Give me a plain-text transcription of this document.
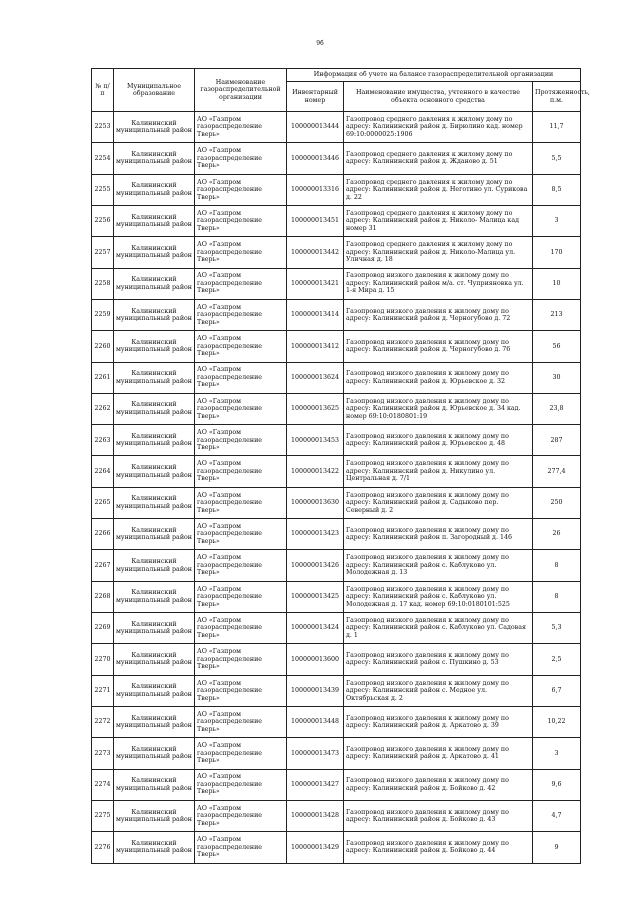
9б
№ п/п	Муниципальное образование	Наименование газораспределительной организации	Информация об учете на балансе газораспределительной организации		
			Инвентарный номер	Наименование имущества, учтенного в качестве объекта основного средства	Протяженность, п.м.
2253	Калининский муниципальный район	АО «Газпром газораспределение Тверь»	100000013444	Газопровод среднего давления к жилому дому по адресу: Калининский район д. Бирюлино кад. номер 69:10:0000025:1906	11,7
2254	Калининский муниципальный район	АО «Газпром газораспределение Тверь»	100000013446	Газопровод среднего давления к жилому дому по адресу: Калининский район д. Жданово д. 51	5,5
2255	Калининский муниципальный район	АО «Газпром газораспределение Тверь»	100000013316	Газопровод среднего давления к жилому дому по адресу: Калининский район д. Неготино ул. Сурикова д. 22	8,5
2256	Калининский муниципальный район	АО «Газпром газораспределение Тверь»	100000013451	Газопровод среднего давления к жилому дому по адресу: Калининский район д. Николо- Малица кад номер 31	3
2257	Калининский муниципальный район	АО «Газпром газораспределение Тверь»	100000013442	Газопровод среднего давления к жилому дому по адресу: Калининский район д. Николо-Малица ул. Уличная д. 18	170
2258	Калининский муниципальный район	АО «Газпром газораспределение Тверь»	100000013421	Газопровод низкого давления к жилому дому по адресу: Калининский район м/а. ст. Чуприяновка ул. 1-я Мира д. 15	10
2259	Калининский муниципальный район	АО «Газпром газораспределение Тверь»	100000013414	Газопровод низкого давления к жилому дому по адресу: Калининский район д. Черногубово д. 72	213
2260	Калининский муниципальный район	АО «Газпром газораспределение Тверь»	100000013412	Газопровод низкого давления к жилому дому по адресу: Калининский район д. Черногубово д. 76	56
2261	Калининский муниципальный район	АО «Газпром газораспределение Тверь»	100000013624	Газопровод низкого давления к жилому дому по адресу: Калининский район д. Юрьевское д. 32	30
2262	Калининский муниципальный район	АО «Газпром газораспределение Тверь»	100000013625	Газопровод низкого давления к жилому дому по адресу: Калининский район д. Юрьевское д. 34 кад. номер 69:10:0180801:19	23,8
2263	Калининский муниципальный район	АО «Газпром газораспределение Тверь»	100000013453	Газопровод низкого давления к жилому дому по адресу: Калининский район д. Юрьевское д. 48	287
2264	Калининский муниципальный район	АО «Газпром газораспределение Тверь»	100000013422	Газопровод низкого давления к жилому дому по адресу: Калининский район д. Никулино ул. Центральная д. 7/1	277,4
2265	Калининский муниципальный район	АО «Газпром газораспределение Тверь»	100000013630	Газопровод низкого давления к жилому дому по адресу: Калининский район д. Садыково пер. Северный д. 2	250
2266	Калининский муниципальный район	АО «Газпром газораспределение Тверь»	100000013423	Газопровод низкого давления к жилому дому по адресу: Калининский район п. Загородный д. 146	26
2267	Калининский муниципальный район	АО «Газпром газораспределение Тверь»	100000013426	Газопровод низкого давления к жилому дому по адресу: Калининский район с. Каблуково ул. Молодежная д. 13	8
2268	Калининский муниципальный район	АО «Газпром газораспределение Тверь»	100000013425	Газопровод низкого давления к жилому дому по адресу: Калининский район с. Каблуково ул. Молодежная д. 17 кад. номер 69:10:0180101:525	8
2269	Калининский муниципальный район	АО «Газпром газораспределение Тверь»	100000013424	Газопровод низкого давления к жилому дому по адресу: Калининский район с. Каблуково ул. Садовая д. 1	5,3
2270	Калининский муниципальный район	АО «Газпром газораспределение Тверь»	100000013600	Газопровод низкого давления к жилому дому по адресу: Калининский район с. Пушкино д. 53	2,5
2271	Калининский муниципальный район	АО «Газпром газораспределение Тверь»	100000013439	Газопровод низкого давления к жилому дому по адресу: Калининский район с. Медное ул. Октябрьская д. 2	6,7
2272	Калининский муниципальный район	АО «Газпром газораспределение Тверь»	100000013448	Газопровод низкого давления к жилому дому по адресу: Калининский район д. Аркатово д. 39	10,22
2273	Калининский муниципальный район	АО «Газпром газораспределение Тверь»	100000013473	Газопровод низкого давления к жилому дому по адресу: Калининский район д. Аркатово д. 41	3
2274	Калининский муниципальный район	АО «Газпром газораспределение Тверь»	100000013427	Газопровод низкого давления к жилому дому по адресу: Калининский район д. Бойково д. 42	9,6
2275	Калининский муниципальный район	АО «Газпром газораспределение Тверь»	100000013428	Газопровод низкого давления к жилому дому по адресу: Калининский район д. Бойково д. 43	4,7
2276	Калининский муниципальный район	АО «Газпром газораспределение Тверь»	100000013429	Газопровод низкого давления к жилому дому по адресу: Калининский район д. Бойково д. 44	9
